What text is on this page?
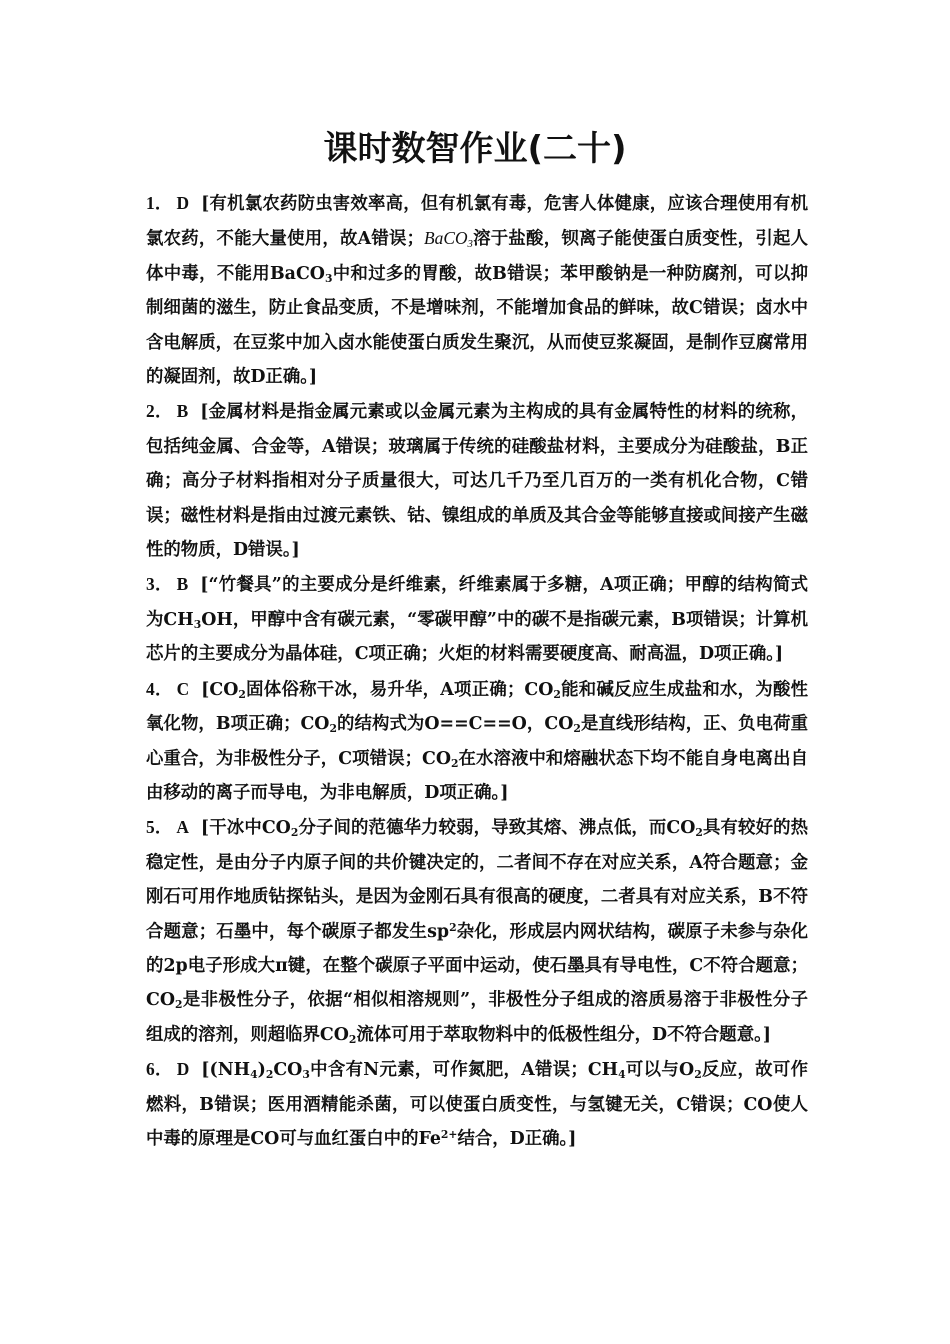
课时数智作业(二十)

1． D [有机氯农药防虫害效率高，但有机氯有毒，危害人体健康，应该合理使用有机氯农药，不能大量使用，故A错误；BaCO$_3$溶于盐酸，钡离子能使蛋白质变性，引起人体中毒，不能用BaCO$_3$中和过多的胃酸，故B错误；苯甲酸钠是一种防腐剂，可以抑制细菌的滋生，防止食品变质，不是增味剂，不能增加食品的鲜味，故C错误；卤水中含电解质，在豆浆中加入卤水能使蛋白质发生聚沉，从而使豆浆凝固，是制作豆腐常用的凝固剂，故D正确。]

2． B [金属材料是指金属元素或以金属元素为主构成的具有金属特性的材料的统称，包括纯金属、合金等，A错误；玻璃属于传统的硅酸盐材料，主要成分为硅酸盐，B正确；高分子材料指相对分子质量很大，可达几千乃至几百万的一类有机化合物，C错误；磁性材料是指由过渡元素铁、钴、镍组成的单质及其合金等能够直接或间接产生磁性的物质，D错误。]

3． B [“竹餐具”的主要成分是纤维素，纤维素属于多糖，A项正确；甲醇的结构简式为$CH_3OH$，甲醇中含有碳元素，“零碳甲醇”中的碳不是指碳元素，B项错误；计算机芯片的主要成分为晶体硅，C项正确；火炬的材料需要硬度高、耐高温，D项正确。]

4． C [$CO_2$固体俗称干冰，易升华，A项正确；$CO_2$能和碱反应生成盐和水，为酸性氧化物，B项正确；$CO_2$的结构式为O==C==O，$CO_2$是直线形结构，正、负电荷重心重合，为非极性分子，C项错误；$CO_2$在水溶液中和熔融状态下均不能自身电离出自由移动的离子而导电，为非电解质，D项正确。]

5． A [干冰中$CO_2$分子间的范德华力较弱，导致其熔、沸点低，而$CO_2$具有较好的热稳定性，是由分子内原子间的共价键决定的，二者间不存在对应关系，A符合题意；金刚石可用作地质钻探钻头，是因为金刚石具有很高的硬度，二者具有对应关系，B不符合题意；石墨中，每个碳原子都发生$sp^2$杂化，形成层内网状结构，碳原子未参与杂化的2p电子形成大π键，在整个碳原子平面中运动，使石墨具有导电性，C不符合题意；$CO_2$是非极性分子，依据“相似相溶规则”，非极性分子组成的溶质易溶于非极性分子组成的溶剂，则超临界$CO_2$流体可用于萃取物料中的低极性组分，D不符合题意。]

6． D [$(NH_4)_2CO_3$中含有N元素，可作氮肥，A错误；$CH_4$可以与$O_2$反应，故可作燃料，B错误；医用酒精能杀菌，可以使蛋白质变性，与氢键无关，C错误；CO使人中毒的原理是CO可与血红蛋白中的$Fe^{2+}$结合，D正确。]
